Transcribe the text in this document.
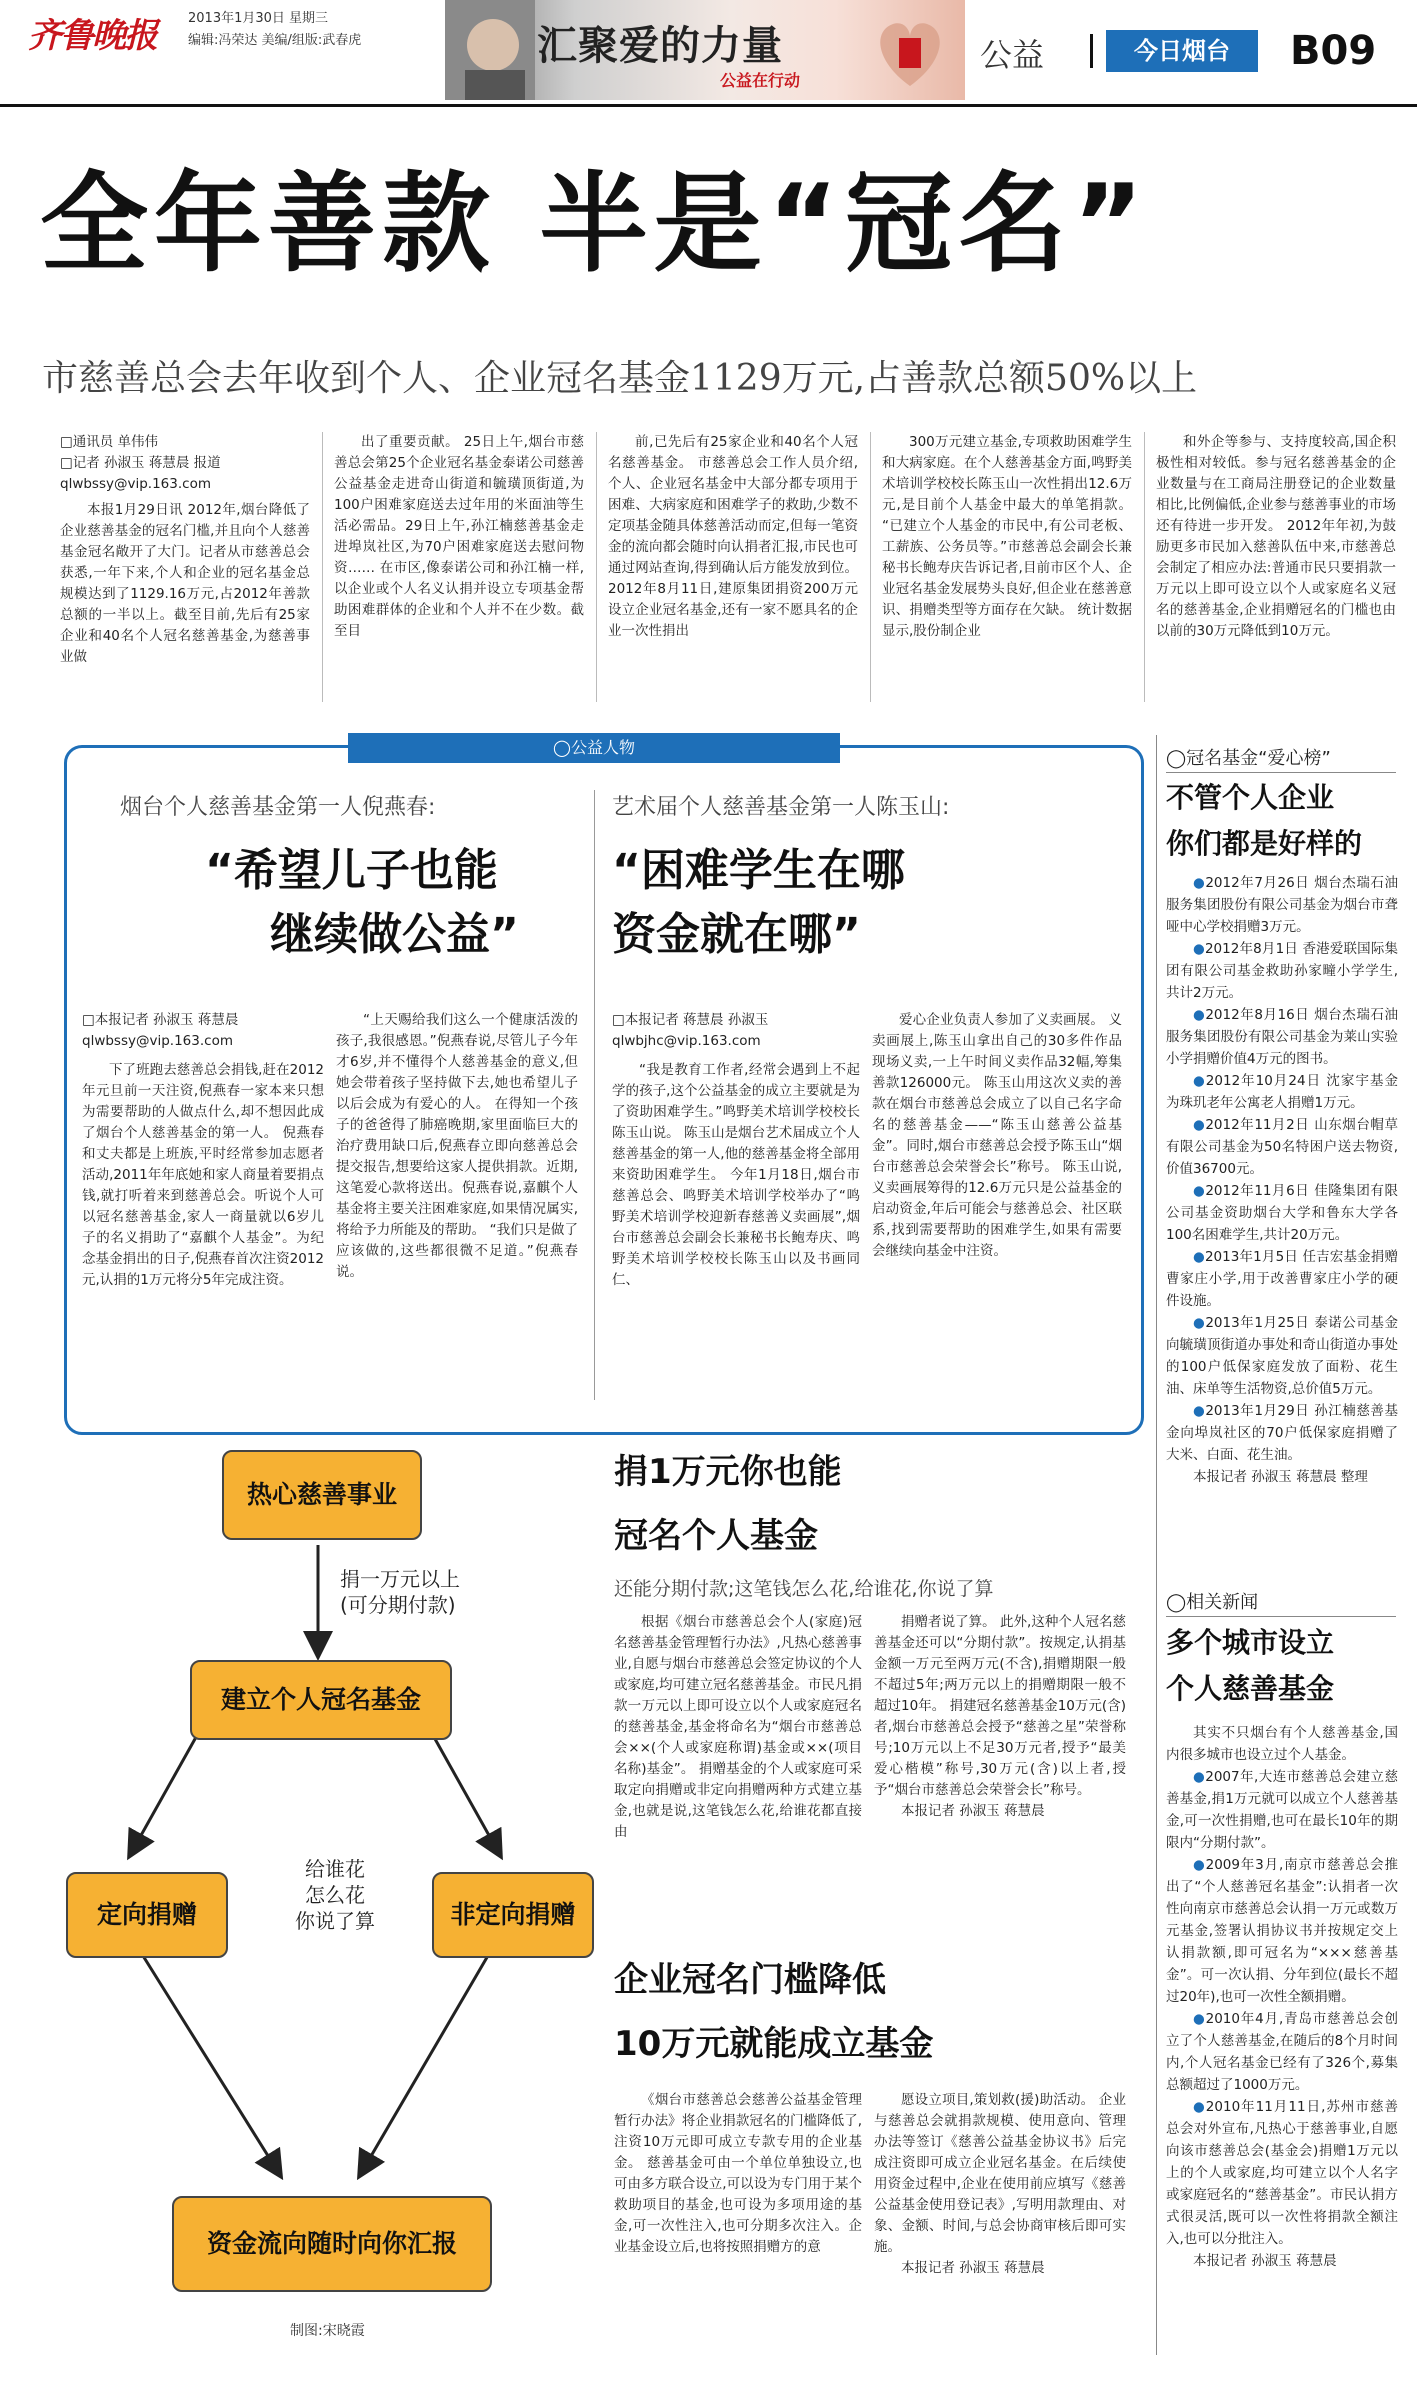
齐鲁晚报 2013年1月30日 星期三
编辑:冯荣达 美编/组版:武春虎	汇聚爱的力量
公益在行动
公益	今日烟台	B09
全年善款 半是“冠名”
市慈善总会去年收到个人、企业冠名基金1129万元,占善款总额50%以上

□通讯员 单伟伟

□记者 孙淑玉 蒋慧晨 报道

qlwbssy@vip.163.com

本报1月29日讯 2012年,烟台降低了企业慈善基金的冠名门槛,并且向个人慈善基金冠名敞开了大门。记者从市慈善总会获悉,一年下来,个人和企业的冠名基金总规模达到了1129.16万元,占2012年善款总额的一半以上。截至目前,先后有25家企业和40名个人冠名慈善基金,为慈善事业做

出了重要贡献。 25日上午,烟台市慈善总会第25个企业冠名基金泰诺公司慈善公益基金走进奇山街道和毓璜顶街道,为100户困难家庭送去过年用的米面油等生活必需品。29日上午,孙江楠慈善基金走进埠岚社区,为70户困难家庭送去慰问物资…… 在市区,像泰诺公司和孙江楠一样,以企业或个人名义认捐并设立专项基金帮助困难群体的企业和个人并不在少数。截至目

前,已先后有25家企业和40名个人冠名慈善基金。 市慈善总会工作人员介绍,个人、企业冠名基金中大部分都专项用于困难、大病家庭和困难学子的救助,少数不定项基金随具体慈善活动而定,但每一笔资金的流向都会随时向认捐者汇报,市民也可通过网站查询,得到确认后方能发放到位。 2012年8月11日,建原集团捐资200万元设立企业冠名基金,还有一家不愿具名的企业一次性捐出

300万元建立基金,专项救助困难学生和大病家庭。在个人慈善基金方面,鸣野美术培训学校校长陈玉山一次性捐出12.6万元,是目前个人基金中最大的单笔捐款。 “已建立个人基金的市民中,有公司老板、工薪族、公务员等。”市慈善总会副会长兼秘书长鲍寿庆告诉记者,目前市区个人、企业冠名基金发展势头良好,但企业在慈善意识、捐赠类型等方面存在欠缺。 统计数据显示,股份制企业

和外企等参与、支持度较高,国企积极性相对较低。参与冠名慈善基金的企业数量与在工商局注册登记的企业数量相比,比例偏低,企业参与慈善事业的市场还有待进一步开发。 2012年年初,为鼓励更多市民加入慈善队伍中来,市慈善总会制定了相应办法:普通市民只要捐款一万元以上即可设立以个人或家庭名义冠名的慈善基金,企业捐赠冠名的门槛也由以前的30万元降低到10万元。

◯公益人物
烟台个人慈善基金第一人倪燕春:
“希望儿子也能
继续做公益”

□本报记者 孙淑玉 蒋慧晨

qlwbssy@vip.163.com

下了班跑去慈善总会捐钱,赶在2012年元旦前一天注资,倪燕春一家本来只想为需要帮助的人做点什么,却不想因此成了烟台个人慈善基金的第一人。 倪燕春和丈夫都是上班族,平时经常参加志愿者活动,2011年年底她和家人商量着要捐点钱,就打听着来到慈善总会。听说个人可以冠名慈善基金,家人一商量就以6岁儿子的名义捐助了“嘉麒个人基金”。为纪念基金捐出的日子,倪燕春首次注资2012元,认捐的1万元将分5年完成注资。

“上天赐给我们这么一个健康活泼的孩子,我很感恩。”倪燕春说,尽管儿子今年才6岁,并不懂得个人慈善基金的意义,但她会带着孩子坚持做下去,她也希望儿子以后会成为有爱心的人。 在得知一个孩子的爸爸得了肺癌晚期,家里面临巨大的治疗费用缺口后,倪燕春立即向慈善总会提交报告,想要给这家人提供捐款。近期,这笔爱心款将送出。倪燕春说,嘉麒个人基金将主要关注困难家庭,如果情况属实,将给予力所能及的帮助。 “我们只是做了应该做的,这些都很微不足道。”倪燕春说。

艺术届个人慈善基金第一人陈玉山:
“困难学生在哪
资金就在哪”

□本报记者 蒋慧晨 孙淑玉

qlwbjhc@vip.163.com

“我是教育工作者,经常会遇到上不起学的孩子,这个公益基金的成立主要就是为了资助困难学生。”鸣野美术培训学校校长陈玉山说。 陈玉山是烟台艺术届成立个人慈善基金的第一人,他的慈善基金将全部用来资助困难学生。 今年1月18日,烟台市慈善总会、鸣野美术培训学校举办了“鸣野美术培训学校迎新春慈善义卖画展”,烟台市慈善总会副会长兼秘书长鲍寿庆、鸣野美术培训学校校长陈玉山以及书画同仁、

爱心企业负责人参加了义卖画展。 义卖画展上,陈玉山拿出自己的30多件作品现场义卖,一上午时间义卖作品32幅,筹集善款126000元。 陈玉山用这次义卖的善款在烟台市慈善总会成立了以自己名字命名的慈善基金——“陈玉山慈善公益基金”。同时,烟台市慈善总会授予陈玉山“烟台市慈善总会荣誉会长”称号。 陈玉山说,义卖画展筹得的12.6万元只是公益基金的启动资金,年后可能会与慈善总会、社区联系,找到需要帮助的困难学生,如果有需要会继续向基金中注资。

◯冠名基金“爱心榜”
不管个人企业
你们都是好样的
●2012年7月26日 烟台杰瑞石油服务集团股份有限公司基金为烟台市聋哑中心学校捐赠3万元。
●2012年8月1日 香港爱联国际集团有限公司基金救助孙家疃小学学生,共计2万元。
●2012年8月16日 烟台杰瑞石油服务集团股份有限公司基金为莱山实验小学捐赠价值4万元的图书。
●2012年10月24日 沈家宇基金为珠玑老年公寓老人捐赠1万元。
●2012年11月2日 山东烟台帽草有限公司基金为50名特困户送去物资,价值36700元。
●2012年11月6日 佳隆集团有限公司基金资助烟台大学和鲁东大学各100名困难学生,共计20万元。
●2013年1月5日 任吉宏基金捐赠曹家庄小学,用于改善曹家庄小学的硬件设施。
●2013年1月25日 泰诺公司基金向毓璜顶街道办事处和奇山街道办事处的100户低保家庭发放了面粉、花生油、床单等生活物资,总价值5万元。
●2013年1月29日 孙江楠慈善基金向埠岚社区的70户低保家庭捐赠了大米、白面、花生油。
本报记者 孙淑玉 蒋慧晨 整理
◯相关新闻
多个城市设立
个人慈善基金
其实不只烟台有个人慈善基金,国内很多城市也设立过个人基金。
●2007年,大连市慈善总会建立慈善基金,捐1万元就可以成立个人慈善基金,可一次性捐赠,也可在最长10年的期限内“分期付款”。
●2009年3月,南京市慈善总会推出了“个人慈善冠名基金”:认捐者一次性向南京市慈善总会认捐一万元或数万元基金,签署认捐协议书并按规定交上认捐款额,即可冠名为“×××慈善基金”。可一次认捐、分年到位(最长不超过20年),也可一次性全额捐赠。
●2010年4月,青岛市慈善总会创立了个人慈善基金,在随后的8个月时间内,个人冠名基金已经有了326个,募集总额超过了1000万元。
●2010年11月11日,苏州市慈善总会对外宣布,凡热心于慈善事业,自愿向该市慈善总会(基金会)捐赠1万元以上的个人或家庭,均可建立以个人名字或家庭冠名的“慈善基金”。市民认捐方式很灵活,既可以一次性将捐款全额注入,也可以分批注入。
本报记者 孙淑玉 蒋慧晨
热心慈善事业
捐一万元以上
(可分期付款)
建立个人冠名基金
定向捐赠	非定向捐赠
给谁花
怎么花
你说了算
资金流向随时向你汇报
制图:宋晓霞
捐1万元你也能
冠名个人基金
还能分期付款;这笔钱怎么花,给谁花,你说了算

根据《烟台市慈善总会个人(家庭)冠名慈善基金管理暂行办法》,凡热心慈善事业,自愿与烟台市慈善总会签定协议的个人或家庭,均可建立冠名慈善基金。市民凡捐款一万元以上即可设立以个人或家庭冠名的慈善基金,基金将命名为“烟台市慈善总会××(个人或家庭称谓)基金或××(项目名称)基金”。 捐赠基金的个人或家庭可采取定向捐赠或非定向捐赠两种方式建立基金,也就是说,这笔钱怎么花,给谁花都直接由

捐赠者说了算。 此外,这种个人冠名慈善基金还可以“分期付款”。按规定,认捐基金额一万元至两万元(不含),捐赠期限一般不超过5年;两万元以上的捐赠期限一般不超过10年。 捐建冠名慈善基金10万元(含)者,烟台市慈善总会授予“慈善之星”荣誉称号;10万元以上不足30万元者,授予“最美爱心楷模”称号,30万元(含)以上者,授予“烟台市慈善总会荣誉会长”称号。

本报记者 孙淑玉 蒋慧晨

企业冠名门槛降低
10万元就能成立基金

《烟台市慈善总会慈善公益基金管理暂行办法》将企业捐款冠名的门槛降低了,注资10万元即可成立专款专用的企业基金。 慈善基金可由一个单位单独设立,也可由多方联合设立,可以设为专门用于某个救助项目的基金,也可设为多项用途的基金,可一次性注入,也可分期多次注入。企业基金设立后,也将按照捐赠方的意

愿设立项目,策划救(援)助活动。 企业与慈善总会就捐款规模、使用意向、管理办法等签订《慈善公益基金协议书》后完成注资即可成立企业冠名基金。在后续使用资金过程中,企业在使用前应填写《慈善公益基金使用登记表》,写明用款理由、对象、金额、时间,与总会协商审核后即可实施。

本报记者 孙淑玉 蒋慧晨
